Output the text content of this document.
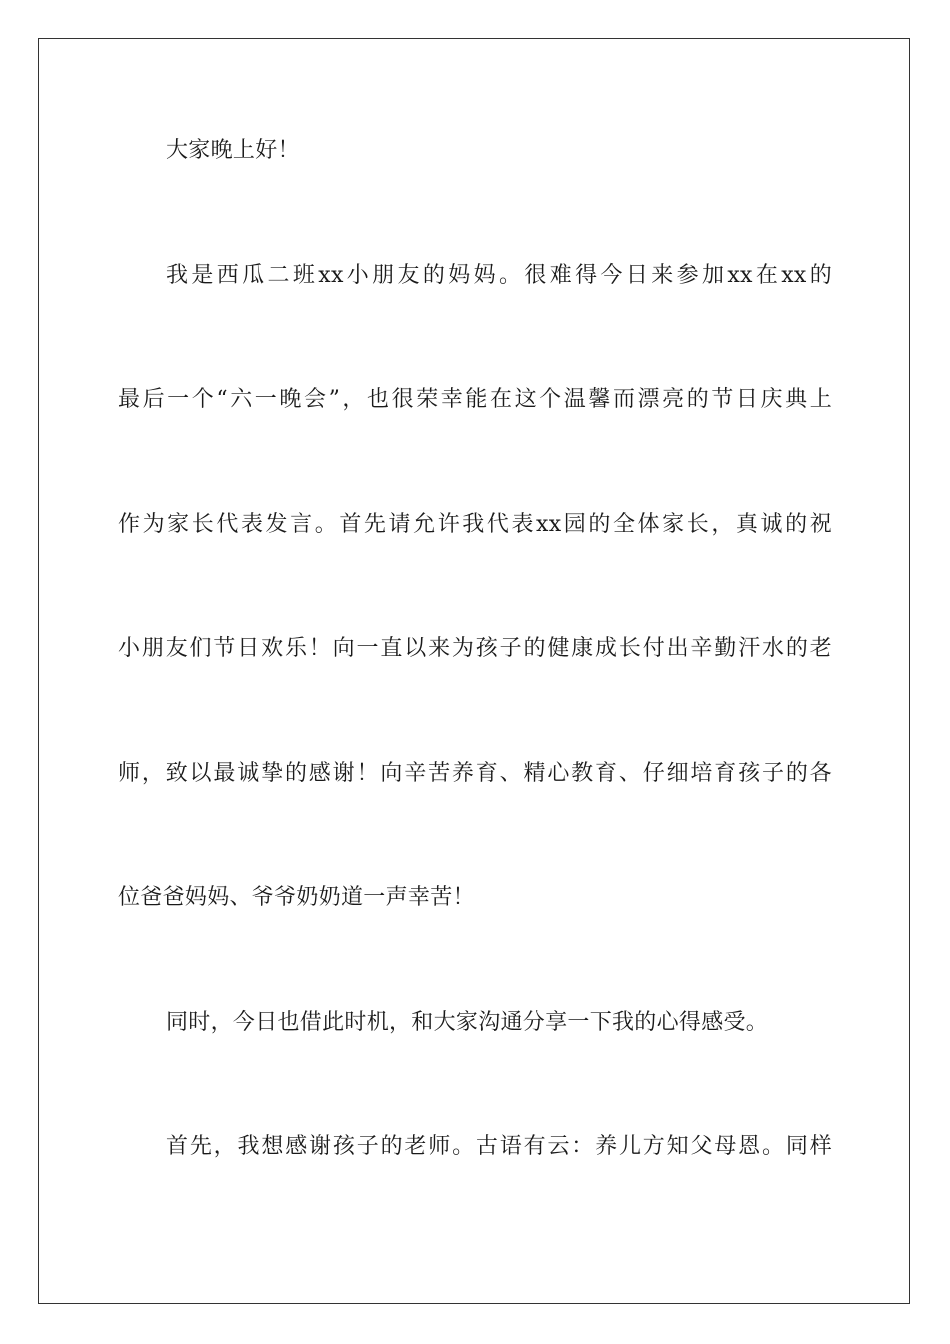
大家晚上好！
我是西瓜二班xx小朋友的妈妈。很难得今日来参加xx在xx的
最后一个“六一晚会”，也很荣幸能在这个温馨而漂亮的节日庆典上
作为家长代表发言。首先请允许我代表xx园的全体家长，真诚的祝
小朋友们节日欢乐！向一直以来为孩子的健康成长付出辛勤汗水的老
师，致以最诚挚的感谢！向辛苦养育、精心教育、仔细培育孩子的各
位爸爸妈妈、爷爷奶奶道一声幸苦！
同时，今日也借此时机，和大家沟通分享一下我的心得感受。
首先，我想感谢孩子的老师。古语有云：养儿方知父母恩。同样
